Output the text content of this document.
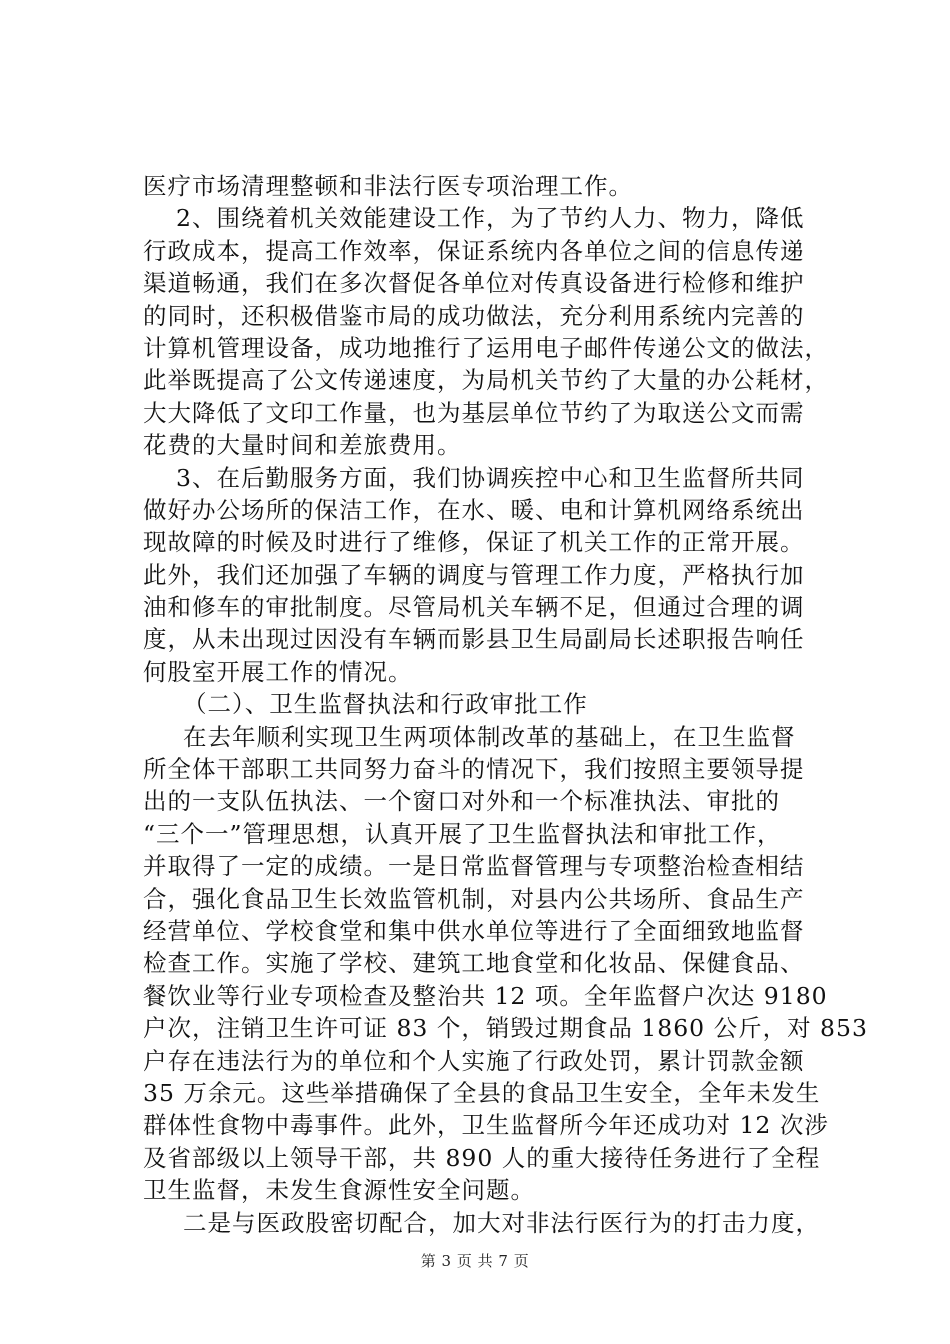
医疗市场清理整顿和非法行医专项治理工作。
2、围绕着机关效能建设工作，为了节约人力、物力，降低
行政成本，提高工作效率，保证系统内各单位之间的信息传递
渠道畅通，我们在多次督促各单位对传真设备进行检修和维护
的同时，还积极借鉴市局的成功做法，充分利用系统内完善的
计算机管理设备，成功地推行了运用电子邮件传递公文的做法，
此举既提高了公文传递速度，为局机关节约了大量的办公耗材，
大大降低了文印工作量，也为基层单位节约了为取送公文而需
花费的大量时间和差旅费用。
3、在后勤服务方面，我们协调疾控中心和卫生监督所共同
做好办公场所的保洁工作，在水、暖、电和计算机网络系统出
现故障的时候及时进行了维修，保证了机关工作的正常开展。
此外，我们还加强了车辆的调度与管理工作力度，严格执行加
油和修车的审批制度。尽管局机关车辆不足，但通过合理的调
度，从未出现过因没有车辆而影县卫生局副局长述职报告响任
何股室开展工作的情况。
（二）、卫生监督执法和行政审批工作
在去年顺利实现卫生两项体制改革的基础上，在卫生监督
所全体干部职工共同努力奋斗的情况下，我们按照主要领导提
出的一支队伍执法、一个窗口对外和一个标准执法、审批的
“三个一”管理思想，认真开展了卫生监督执法和审批工作，
并取得了一定的成绩。一是日常监督管理与专项整治检查相结
合，强化食品卫生长效监管机制，对县内公共场所、食品生产
经营单位、学校食堂和集中供水单位等进行了全面细致地监督
检查工作。实施了学校、建筑工地食堂和化妆品、保健食品、
餐饮业等行业专项检查及整治共 12 项。全年监督户次达 9180
户次，注销卫生许可证 83 个，销毁过期食品 1860 公斤，对 853
户存在违法行为的单位和个人实施了行政处罚，累计罚款金额
35 万余元。这些举措确保了全县的食品卫生安全，全年未发生
群体性食物中毒事件。此外，卫生监督所今年还成功对 12 次涉
及省部级以上领导干部，共 890 人的重大接待任务进行了全程
卫生监督，未发生食源性安全问题。
二是与医政股密切配合，加大对非法行医行为的打击力度，
第 3 页 共 7 页
